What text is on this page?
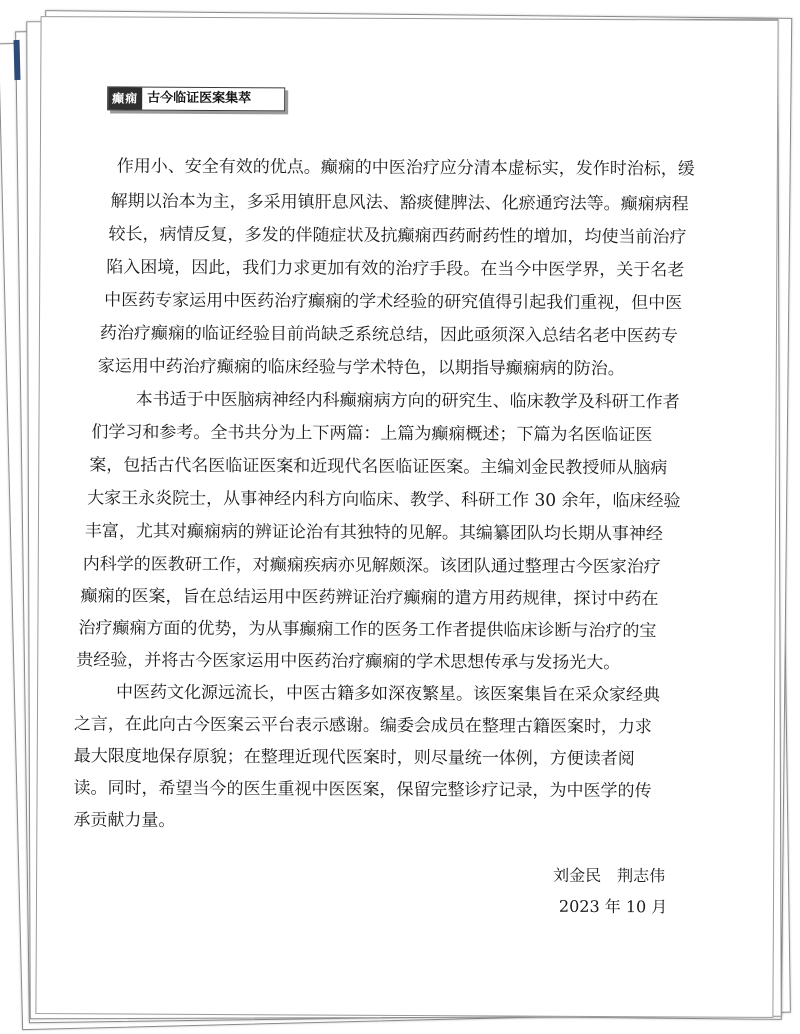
癫痫 古今临证医案集萃
作用小、安全有效的优点。癫痫的中医治疗应分清本虚标实，发作时治标，缓
解期以治本为主，多采用镇肝息风法、豁痰健脾法、化瘀通窍法等。癫痫病程
较长，病情反复，多发的伴随症状及抗癫痫西药耐药性的增加，均使当前治疗
陷入困境，因此，我们力求更加有效的治疗手段。在当今中医学界，关于名老
中医药专家运用中医药治疗癫痫的学术经验的研究值得引起我们重视，但中医
药治疗癫痫的临证经验目前尚缺乏系统总结，因此亟须深入总结名老中医药专
家运用中药治疗癫痫的临床经验与学术特色，以期指导癫痫病的防治。
本书适于中医脑病神经内科癫痫病方向的研究生、临床教学及科研工作者
们学习和参考。全书共分为上下两篇：上篇为癫痫概述；下篇为名医临证医
案，包括古代名医临证医案和近现代名医临证医案。主编刘金民教授师从脑病
大家王永炎院士，从事神经内科方向临床、教学、科研工作 30 余年，临床经验
丰富，尤其对癫痫病的辨证论治有其独特的见解。其编纂团队均长期从事神经
内科学的医教研工作，对癫痫疾病亦见解颇深。该团队通过整理古今医家治疗
癫痫的医案，旨在总结运用中医药辨证治疗癫痫的遣方用药规律，探讨中药在
治疗癫痫方面的优势，为从事癫痫工作的医务工作者提供临床诊断与治疗的宝
贵经验，并将古今医家运用中医药治疗癫痫的学术思想传承与发扬光大。
中医药文化源远流长，中医古籍多如深夜繁星。该医案集旨在采众家经典
之言，在此向古今医案云平台表示感谢。编委会成员在整理古籍医案时，力求
最大限度地保存原貌；在整理近现代医案时，则尽量统一体例，方便读者阅
读。同时，希望当今的医生重视中医医案，保留完整诊疗记录，为中医学的传
承贡献力量。
刘金民　荆志伟
2023 年 10 月
